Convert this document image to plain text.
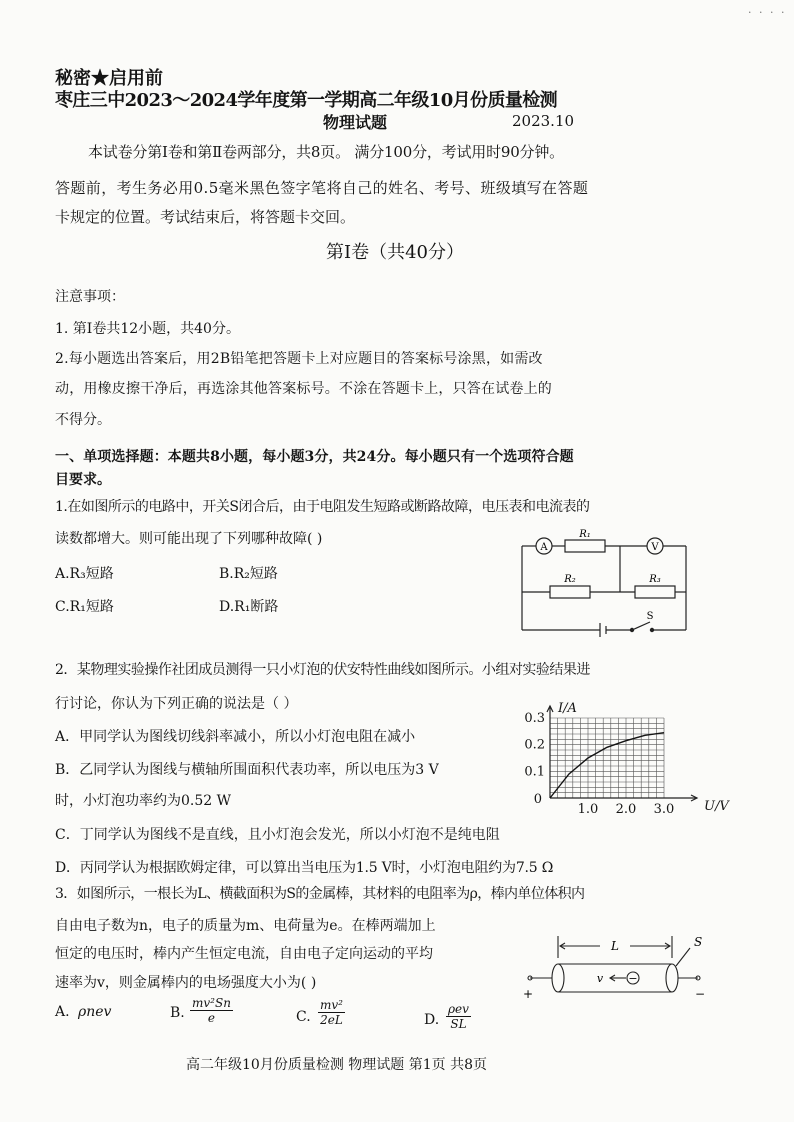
· · · ·
秘密★启用前
枣庄三中2023～2024学年度第一学期高二年级10月份质量检测
物理试题	2023.10
本试卷分第Ⅰ卷和第Ⅱ卷两部分，共8页。 满分100分，考试用时90分钟。
答题前，考生务必用0.5毫米黑色签字笔将自己的姓名、考号、班级填写在答题
卡规定的位置。考试结束后，将答题卡交回。
第Ⅰ卷（共40分）
注意事项：
1. 第Ⅰ卷共12小题，共40分。
2.每小题选出答案后，用2B铅笔把答题卡上对应题目的答案标号涂黑，如需改
动，用橡皮擦干净后，再选涂其他答案标号。不涂在答题卡上，只答在试卷上的
不得分。
一、单项选择题：本题共8小题，每小题3分，共24分。每小题只有一个选项符合题
目要求。
1.在如图所示的电路中，开关S闭合后，由于电阻发生短路或断路故障，电压表和电流表的
读数都增大。则可能出现了下列哪种故障( )
A.R₃短路	B.R₂短路
C.R₁短路	D.R₁断路
A	V
R₁
R₂	R₃
S
2．某物理实验操作社团成员测得一只小灯泡的伏安特性曲线如图所示。小组对实验结果进
行讨论，你认为下列正确的说法是（ ）
A．甲同学认为图线切线斜率减小，所以小灯泡电阻在减小
B．乙同学认为图线与横轴所围面积代表功率，所以电压为3 V
时，小灯泡功率约为0.52 W
C．丁同学认为图线不是直线，且小灯泡会发光，所以小灯泡不是纯电阻
D．丙同学认为根据欧姆定律，可以算出当电压为1.5 V时，小灯泡电阻约为7.5 Ω
1.0 2.0 3.0
0.1
0.2
0.3
0	U/V
I/A
3．如图所示，一根长为L、横截面积为S的金属棒，其材料的电阻率为ρ，棒内单位体积内
自由电子数为n，电子的质量为m、电荷量为e。在棒两端加上
恒定的电压时，棒内产生恒定电流，自由电子定向运动的平均
速率为v，则金属棒内的电场强度大小为( )
A. ρnev	B. $\frac{\text{mv²Sn}}{e}$	C. $\frac{\text{mv²}}{2eL}$	D.
ρev
SL
L	S
v −
+	−
高二年级10月份质量检测 物理试题 第1页 共8页
